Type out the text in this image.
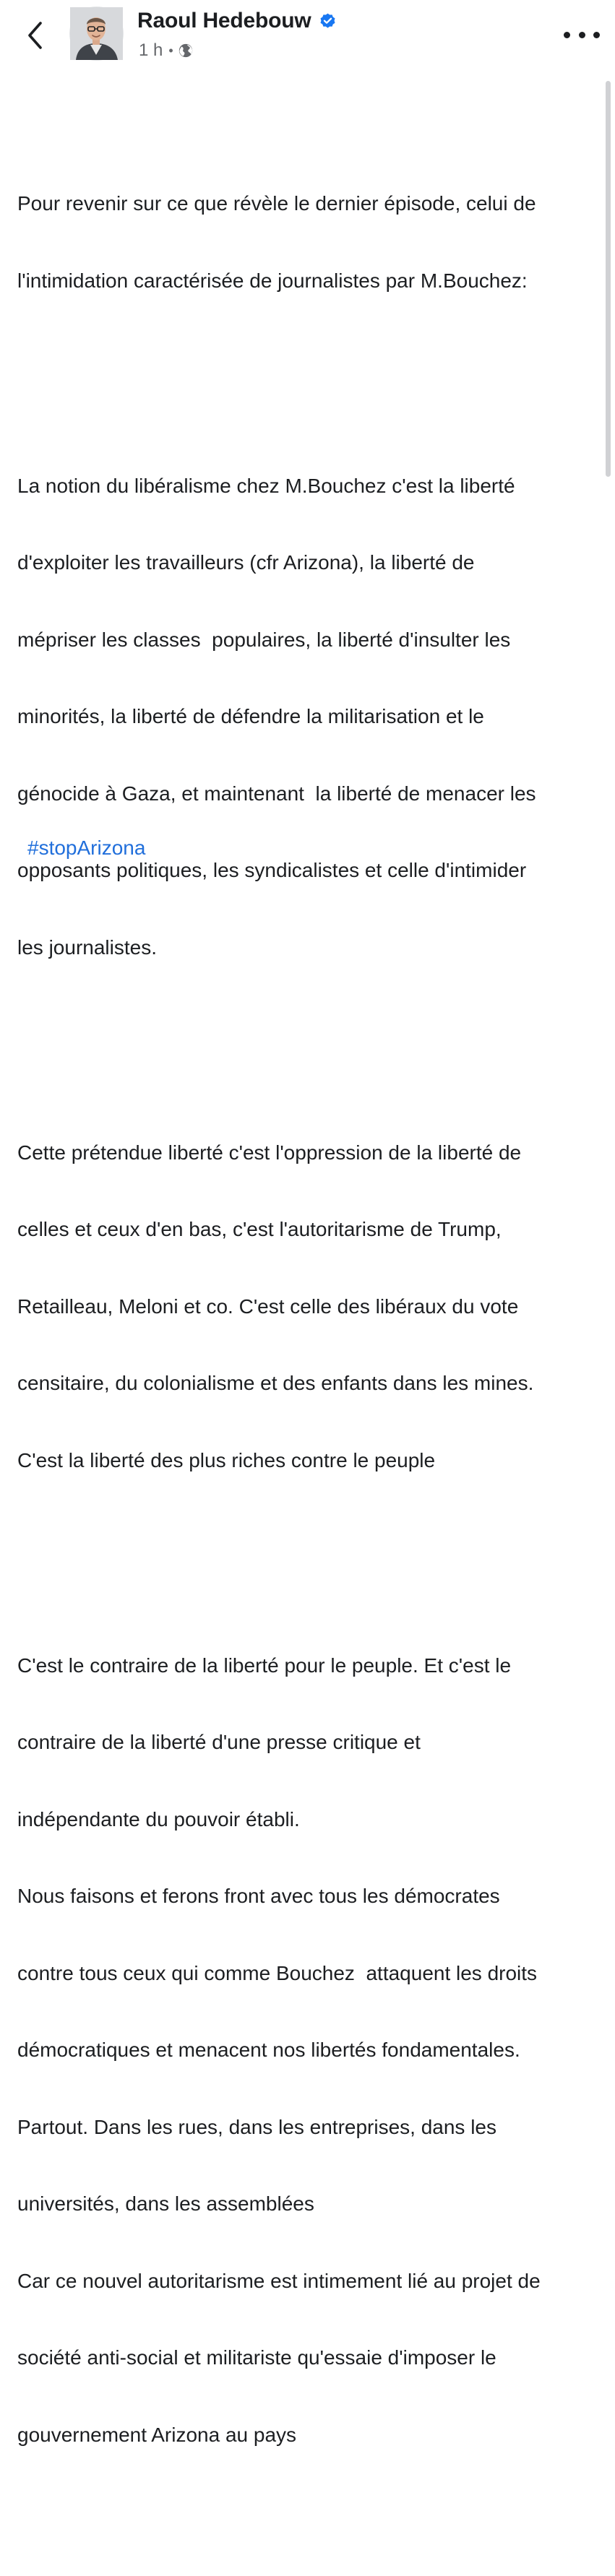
Raoul Hedebouw
1 h •

Pour revenir sur ce que révèle le dernier épisode, celui de

l'intimidation caractérisée de journalistes par M.Bouchez:

La notion du libéralisme chez M.Bouchez c'est la liberté

d'exploiter les travailleurs (cfr Arizona), la liberté de

mépriser les classes  populaires, la liberté d'insulter les

minorités, la liberté de défendre la militarisation et le

génocide à Gaza, et maintenant  la liberté de menacer les

opposants politiques, les syndicalistes et celle d'intimider

les journalistes.

Cette prétendue liberté c'est l'oppression de la liberté de

celles et ceux d'en bas, c'est l'autoritarisme de Trump,

Retailleau, Meloni et co. C'est celle des libéraux du vote

censitaire, du colonialisme et des enfants dans les mines.

C'est la liberté des plus riches contre le peuple

C'est le contraire de la liberté pour le peuple. Et c'est le

contraire de la liberté d'une presse critique et

indépendante du pouvoir établi.

Nous faisons et ferons front avec tous les démocrates

contre tous ceux qui comme Bouchez  attaquent les droits

démocratiques et menacent nos libertés fondamentales.

Partout. Dans les rues, dans les entreprises, dans les

universités, dans les assemblées

Car ce nouvel autoritarisme est intimement lié au projet de

société anti-social et militariste qu'essaie d'imposer le

gouvernement Arizona au pays

#stopArizona
